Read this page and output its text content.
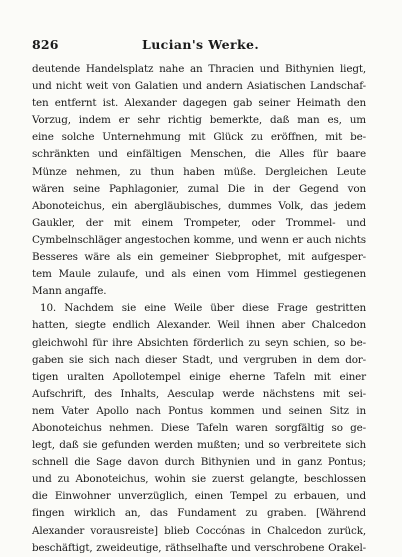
826	Lucian's Werke.
deutende Handelsplatz nahe an Thracien und Bithynien liegt,
und nicht weit von Galatien und andern Asiatischen Landschaf-
ten entfernt ist. Alexander dagegen gab seiner Heimath den
Vorzug, indem er sehr richtig bemerkte, daß man es, um
eine solche Unternehmung mit Glück zu eröffnen, mit be-
schränkten und einfältigen Menschen, die Alles für baare
Münze nehmen, zu thun haben müße. Dergleichen Leute
wären seine Paphlagonier, zumal Die in der Gegend von
Abonoteichus, ein abergläubisches, dummes Volk, das jedem
Gaukler, der mit einem Trompeter, oder Trommel- und
Cymbelnschläger angestochen komme, und wenn er auch nichts
Besseres wäre als ein gemeiner Siebprophet, mit aufgesper-
tem Maule zulaufe, und als einen vom Himmel gestiegenen
Mann angaffe.
10. Nachdem sie eine Weile über diese Frage gestritten
hatten, siegte endlich Alexander. Weil ihnen aber Chalcedon
gleichwohl für ihre Absichten förderlich zu seyn schien, so be-
gaben sie sich nach dieser Stadt, und vergruben in dem dor-
tigen uralten Apollotempel einige eherne Tafeln mit einer
Aufschrift, des Inhalts, Aesculap werde nächstens mit sei-
nem Vater Apollo nach Pontus kommen und seinen Sitz in
Abonoteichus nehmen. Diese Tafeln waren sorgfältig so ge-
legt, daß sie gefunden werden mußten; und so verbreitete sich
schnell die Sage davon durch Bithynien und in ganz Pontus;
und zu Abonoteichus, wohin sie zuerst gelangte, beschlossen
die Einwohner unverzüglich, einen Tempel zu erbauen, und
fingen wirklich an, das Fundament zu graben. [Während
Alexander vorausreiste] blieb Coccónas in Chalcedon zurück,
beschäftigt, zweideutige, räthselhafte und verschrobene Orakel-
